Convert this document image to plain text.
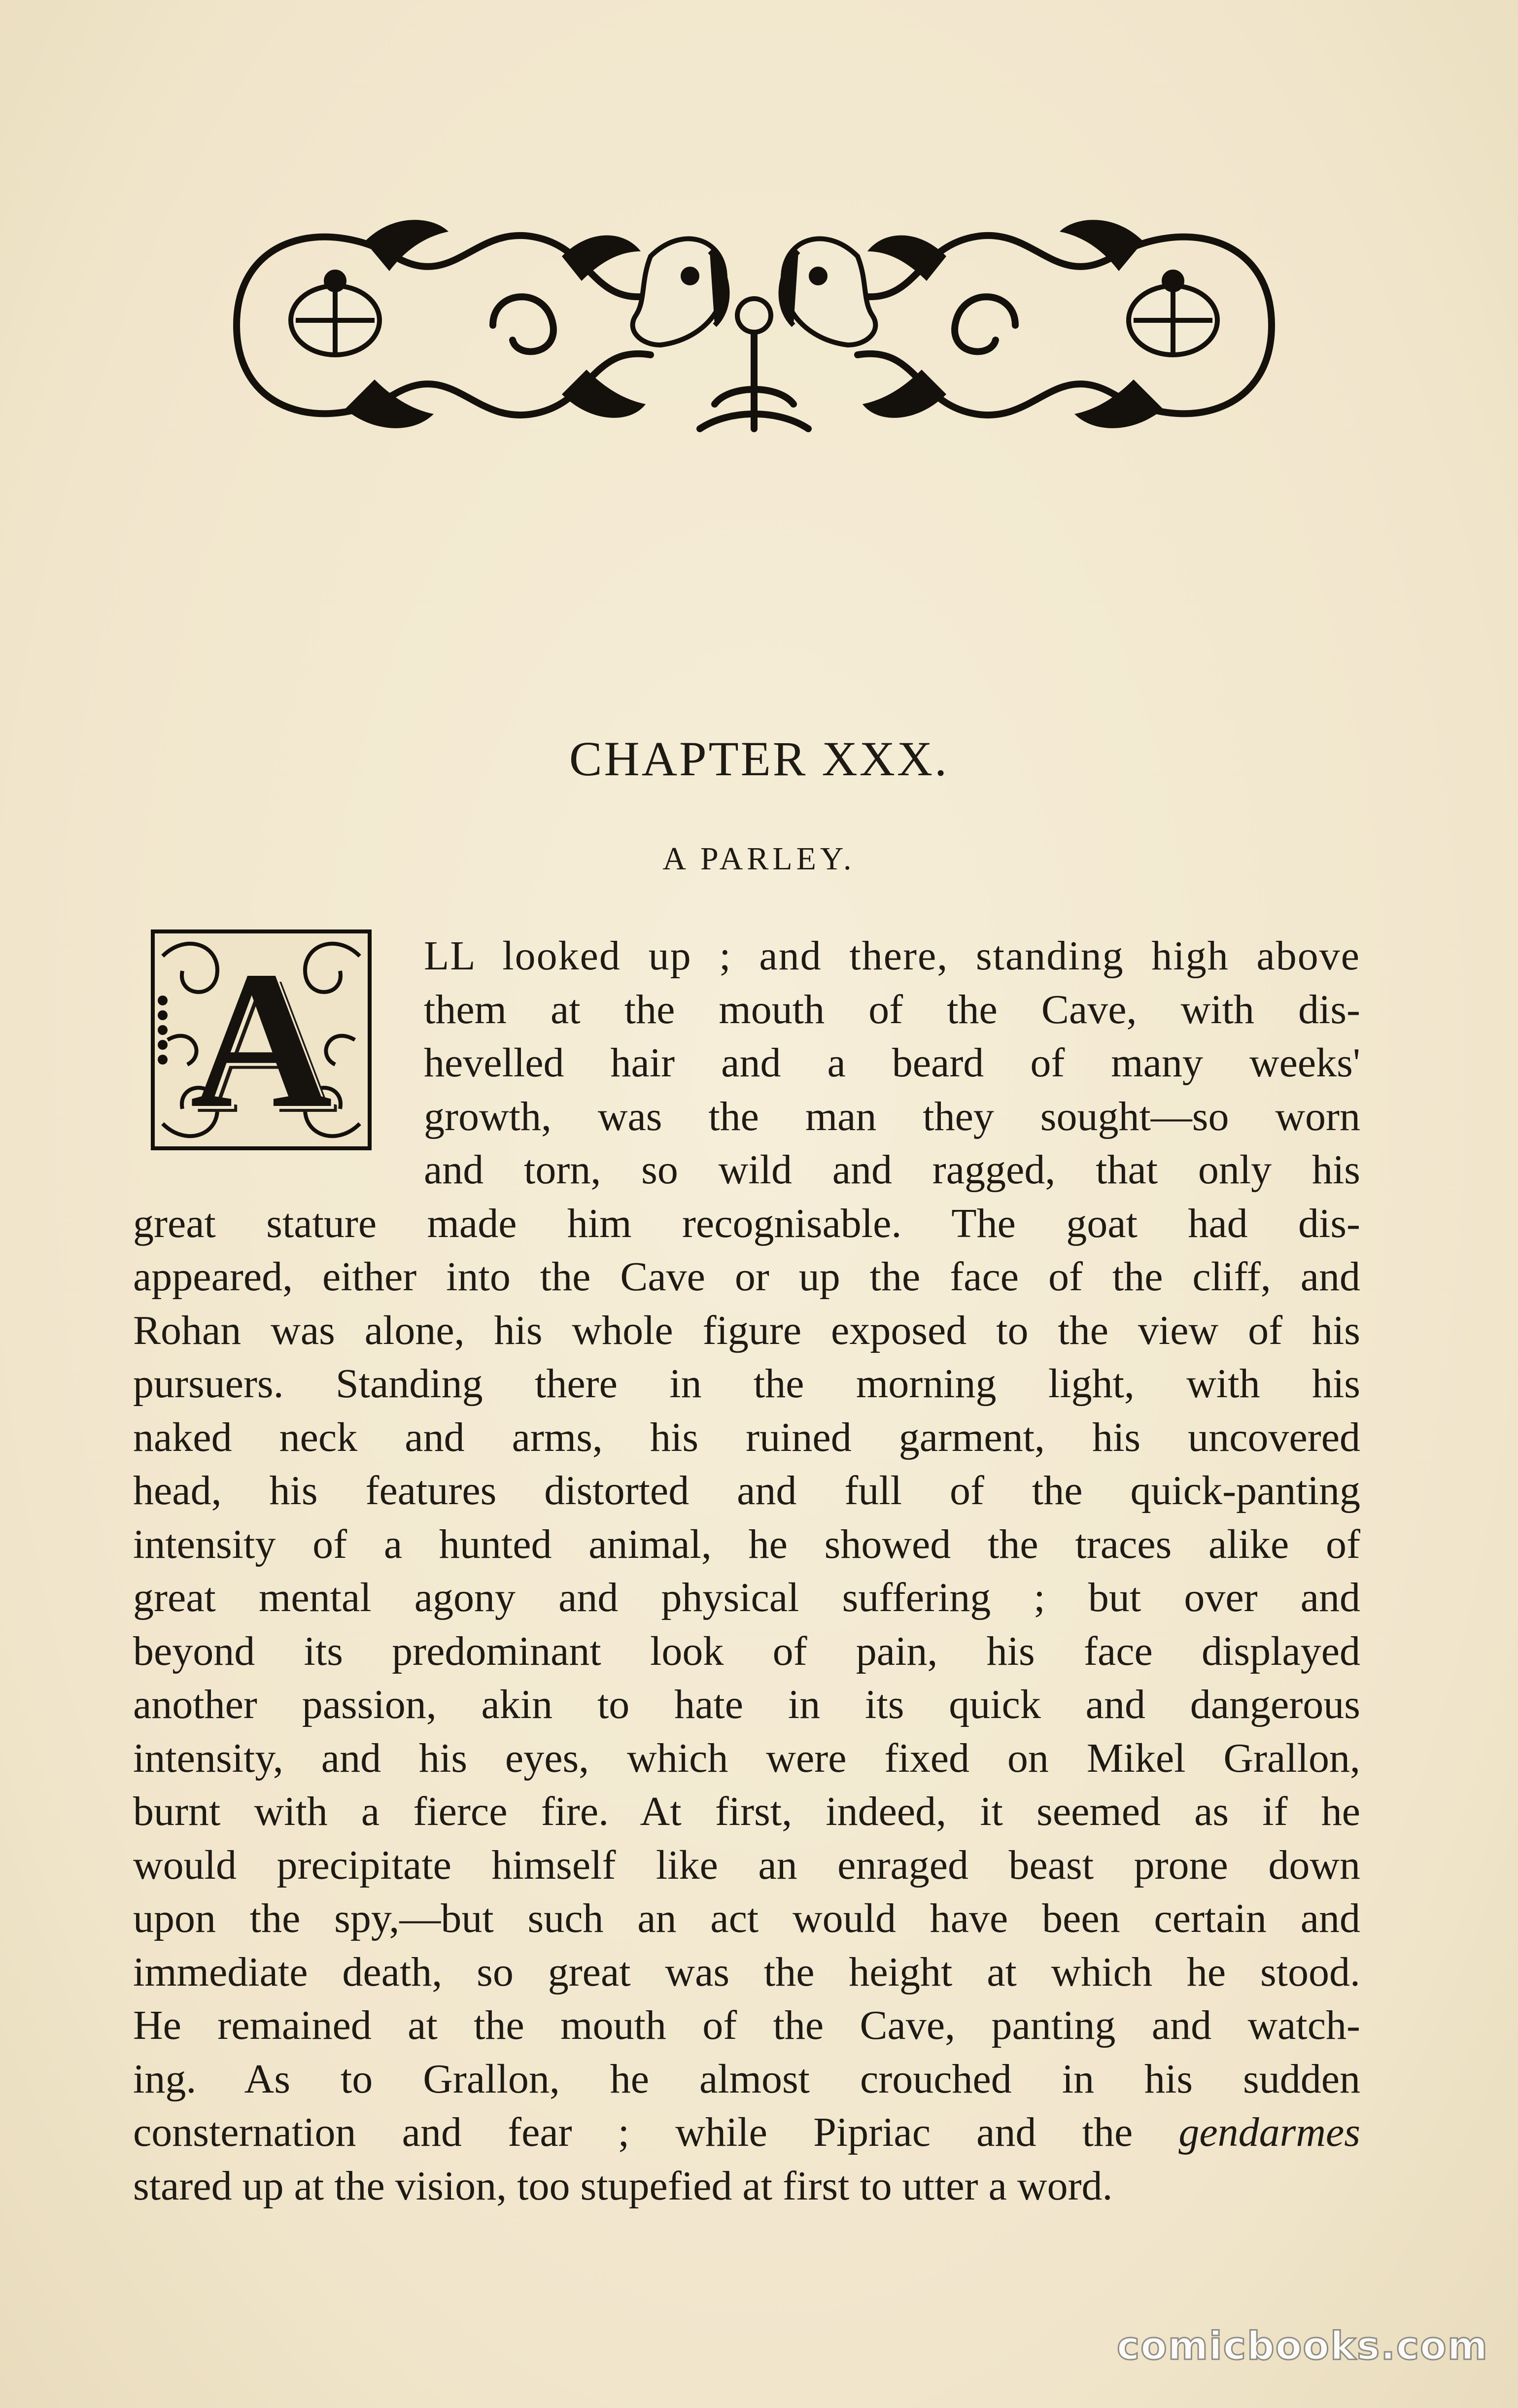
CHAPTER XXX.
A PARLEY.
A	LL looked up ; and there, standing high above
them at the mouth of the Cave, with dis-
hevelled hair and a beard of many weeks'
growth, was the man they sought—so worn
and torn, so wild and ragged, that only his
great stature made him recognisable. The goat had dis-
appeared, either into the Cave or up the face of the cliff, and
Rohan was alone, his whole figure exposed to the view of his
pursuers. Standing there in the morning light, with his
naked neck and arms, his ruined garment, his uncovered
head, his features distorted and full of the quick-panting
intensity of a hunted animal, he showed the traces alike of
great mental agony and physical suffering ; but over and
beyond its predominant look of pain, his face displayed
another passion, akin to hate in its quick and dangerous
intensity, and his eyes, which were fixed on Mikel Grallon,
burnt with a fierce fire. At first, indeed, it seemed as if he
would precipitate himself like an enraged beast prone down
upon the spy,—but such an act would have been certain and
immediate death, so great was the height at which he stood.
He remained at the mouth of the Cave, panting and watch-
ing. As to Grallon, he almost crouched in his sudden
consternation and fear ; while Pipriac and the gendarmes
stared up at the vision, too stupefied at first to utter a word.
comicbooks.com
